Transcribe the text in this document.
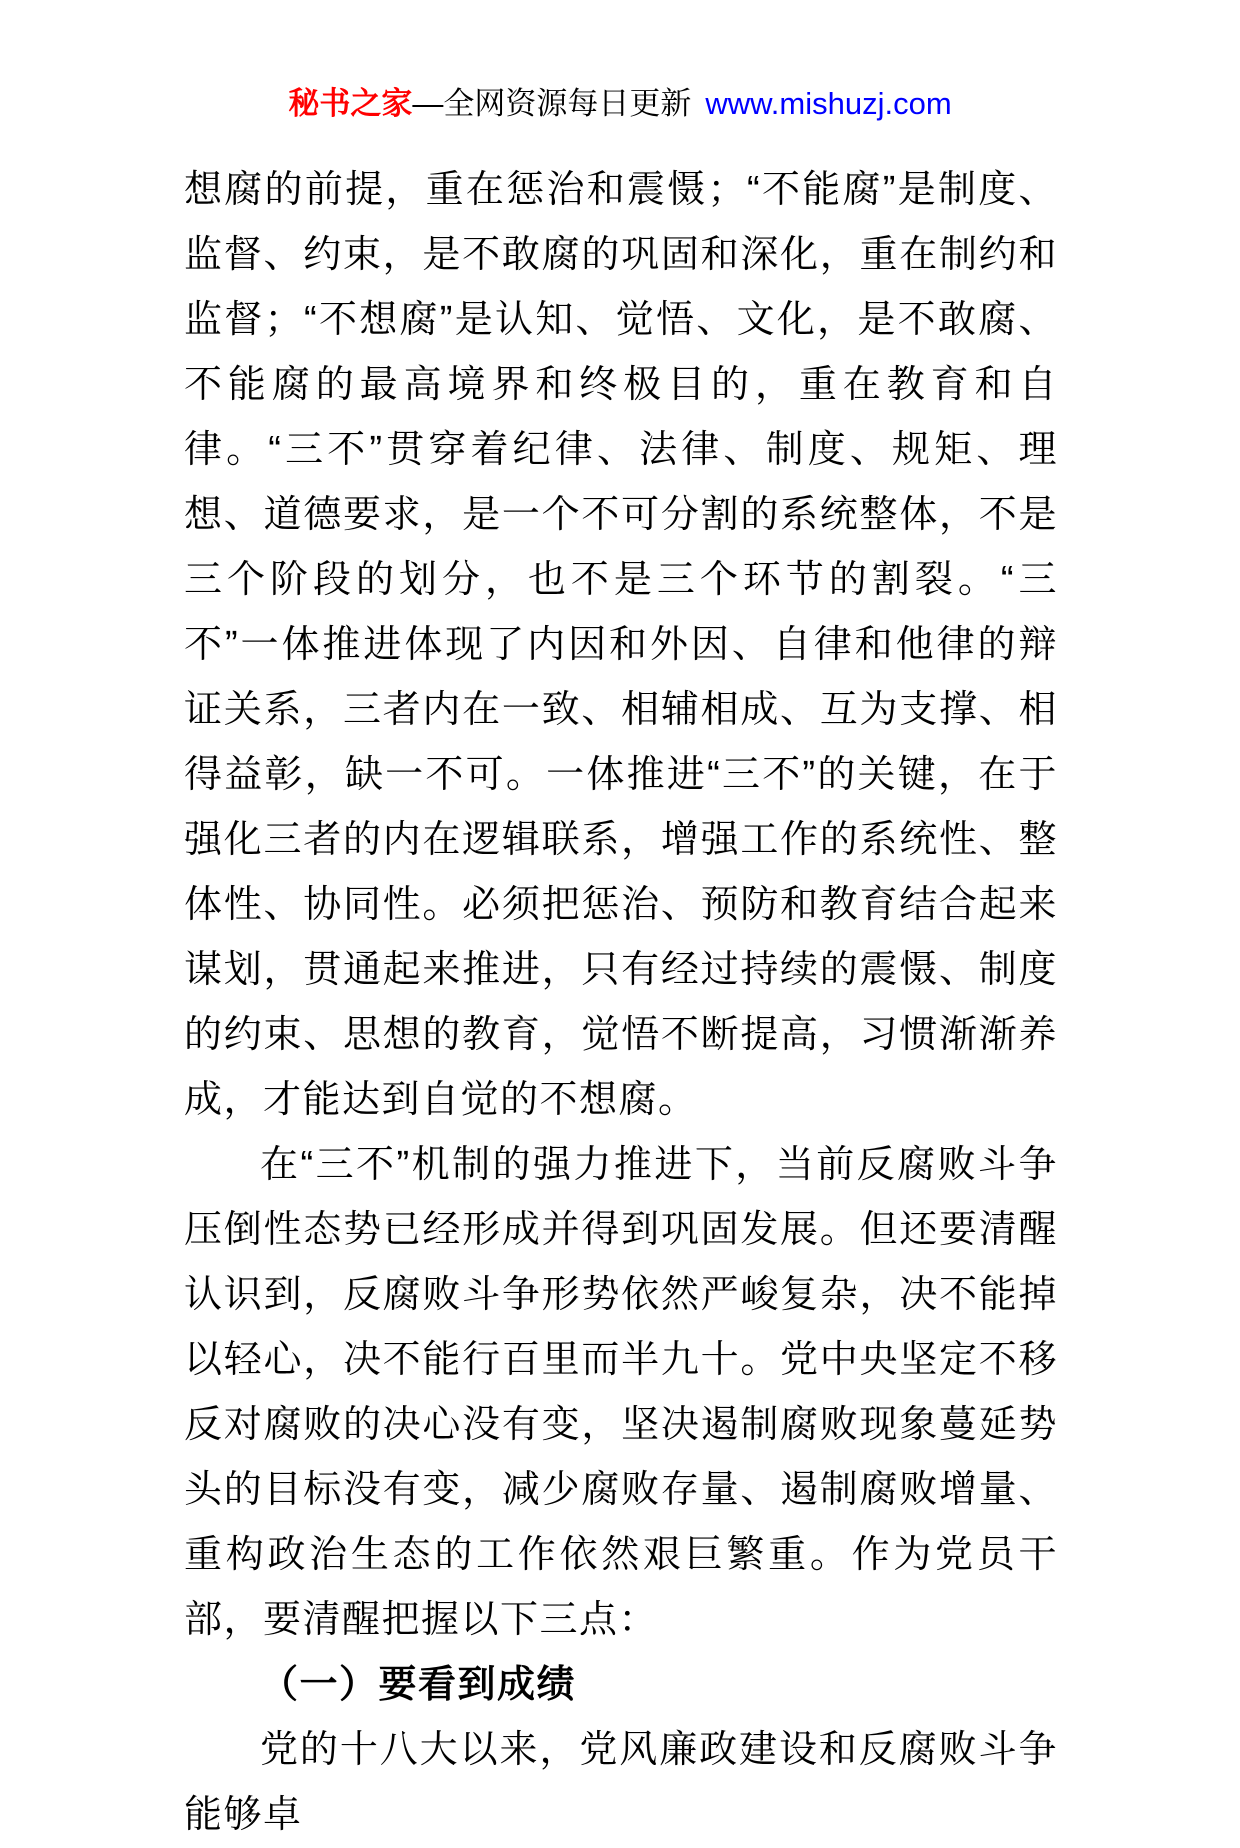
秘书之家—全网资源每日更新 www.mishuzj.com

想腐的前提，重在惩治和震慑；“不能腐”是制度、监督、约束，是不敢腐的巩固和深化，重在制约和监督；“不想腐”是认知、觉悟、文化，是不敢腐、不能腐的最高境界和终极目的，重在教育和自律。“三不”贯穿着纪律、法律、制度、规矩、理想、道德要求，是一个不可分割的系统整体，不是三个阶段的划分，也不是三个环节的割裂。“三不”一体推进体现了内因和外因、自律和他律的辩证关系，三者内在一致、相辅相成、互为支撑、相得益彰，缺一不可。一体推进“三不”的关键，在于强化三者的内在逻辑联系，增强工作的系统性、整体性、协同性。必须把惩治、预防和教育结合起来谋划，贯通起来推进，只有经过持续的震慑、制度的约束、思想的教育，觉悟不断提高，习惯渐渐养成，才能达到自觉的不想腐。

在“三不”机制的强力推进下，当前反腐败斗争压倒性态势已经形成并得到巩固发展。但还要清醒认识到，反腐败斗争形势依然严峻复杂，决不能掉以轻心，决不能行百里而半九十。党中央坚定不移反对腐败的决心没有变，坚决遏制腐败现象蔓延势头的目标没有变，减少腐败存量、遏制腐败增量、重构政治生态的工作依然艰巨繁重。作为党员干部，要清醒把握以下三点：

（一）要看到成绩

党的十八大以来，党风廉政建设和反腐败斗争能够卓
